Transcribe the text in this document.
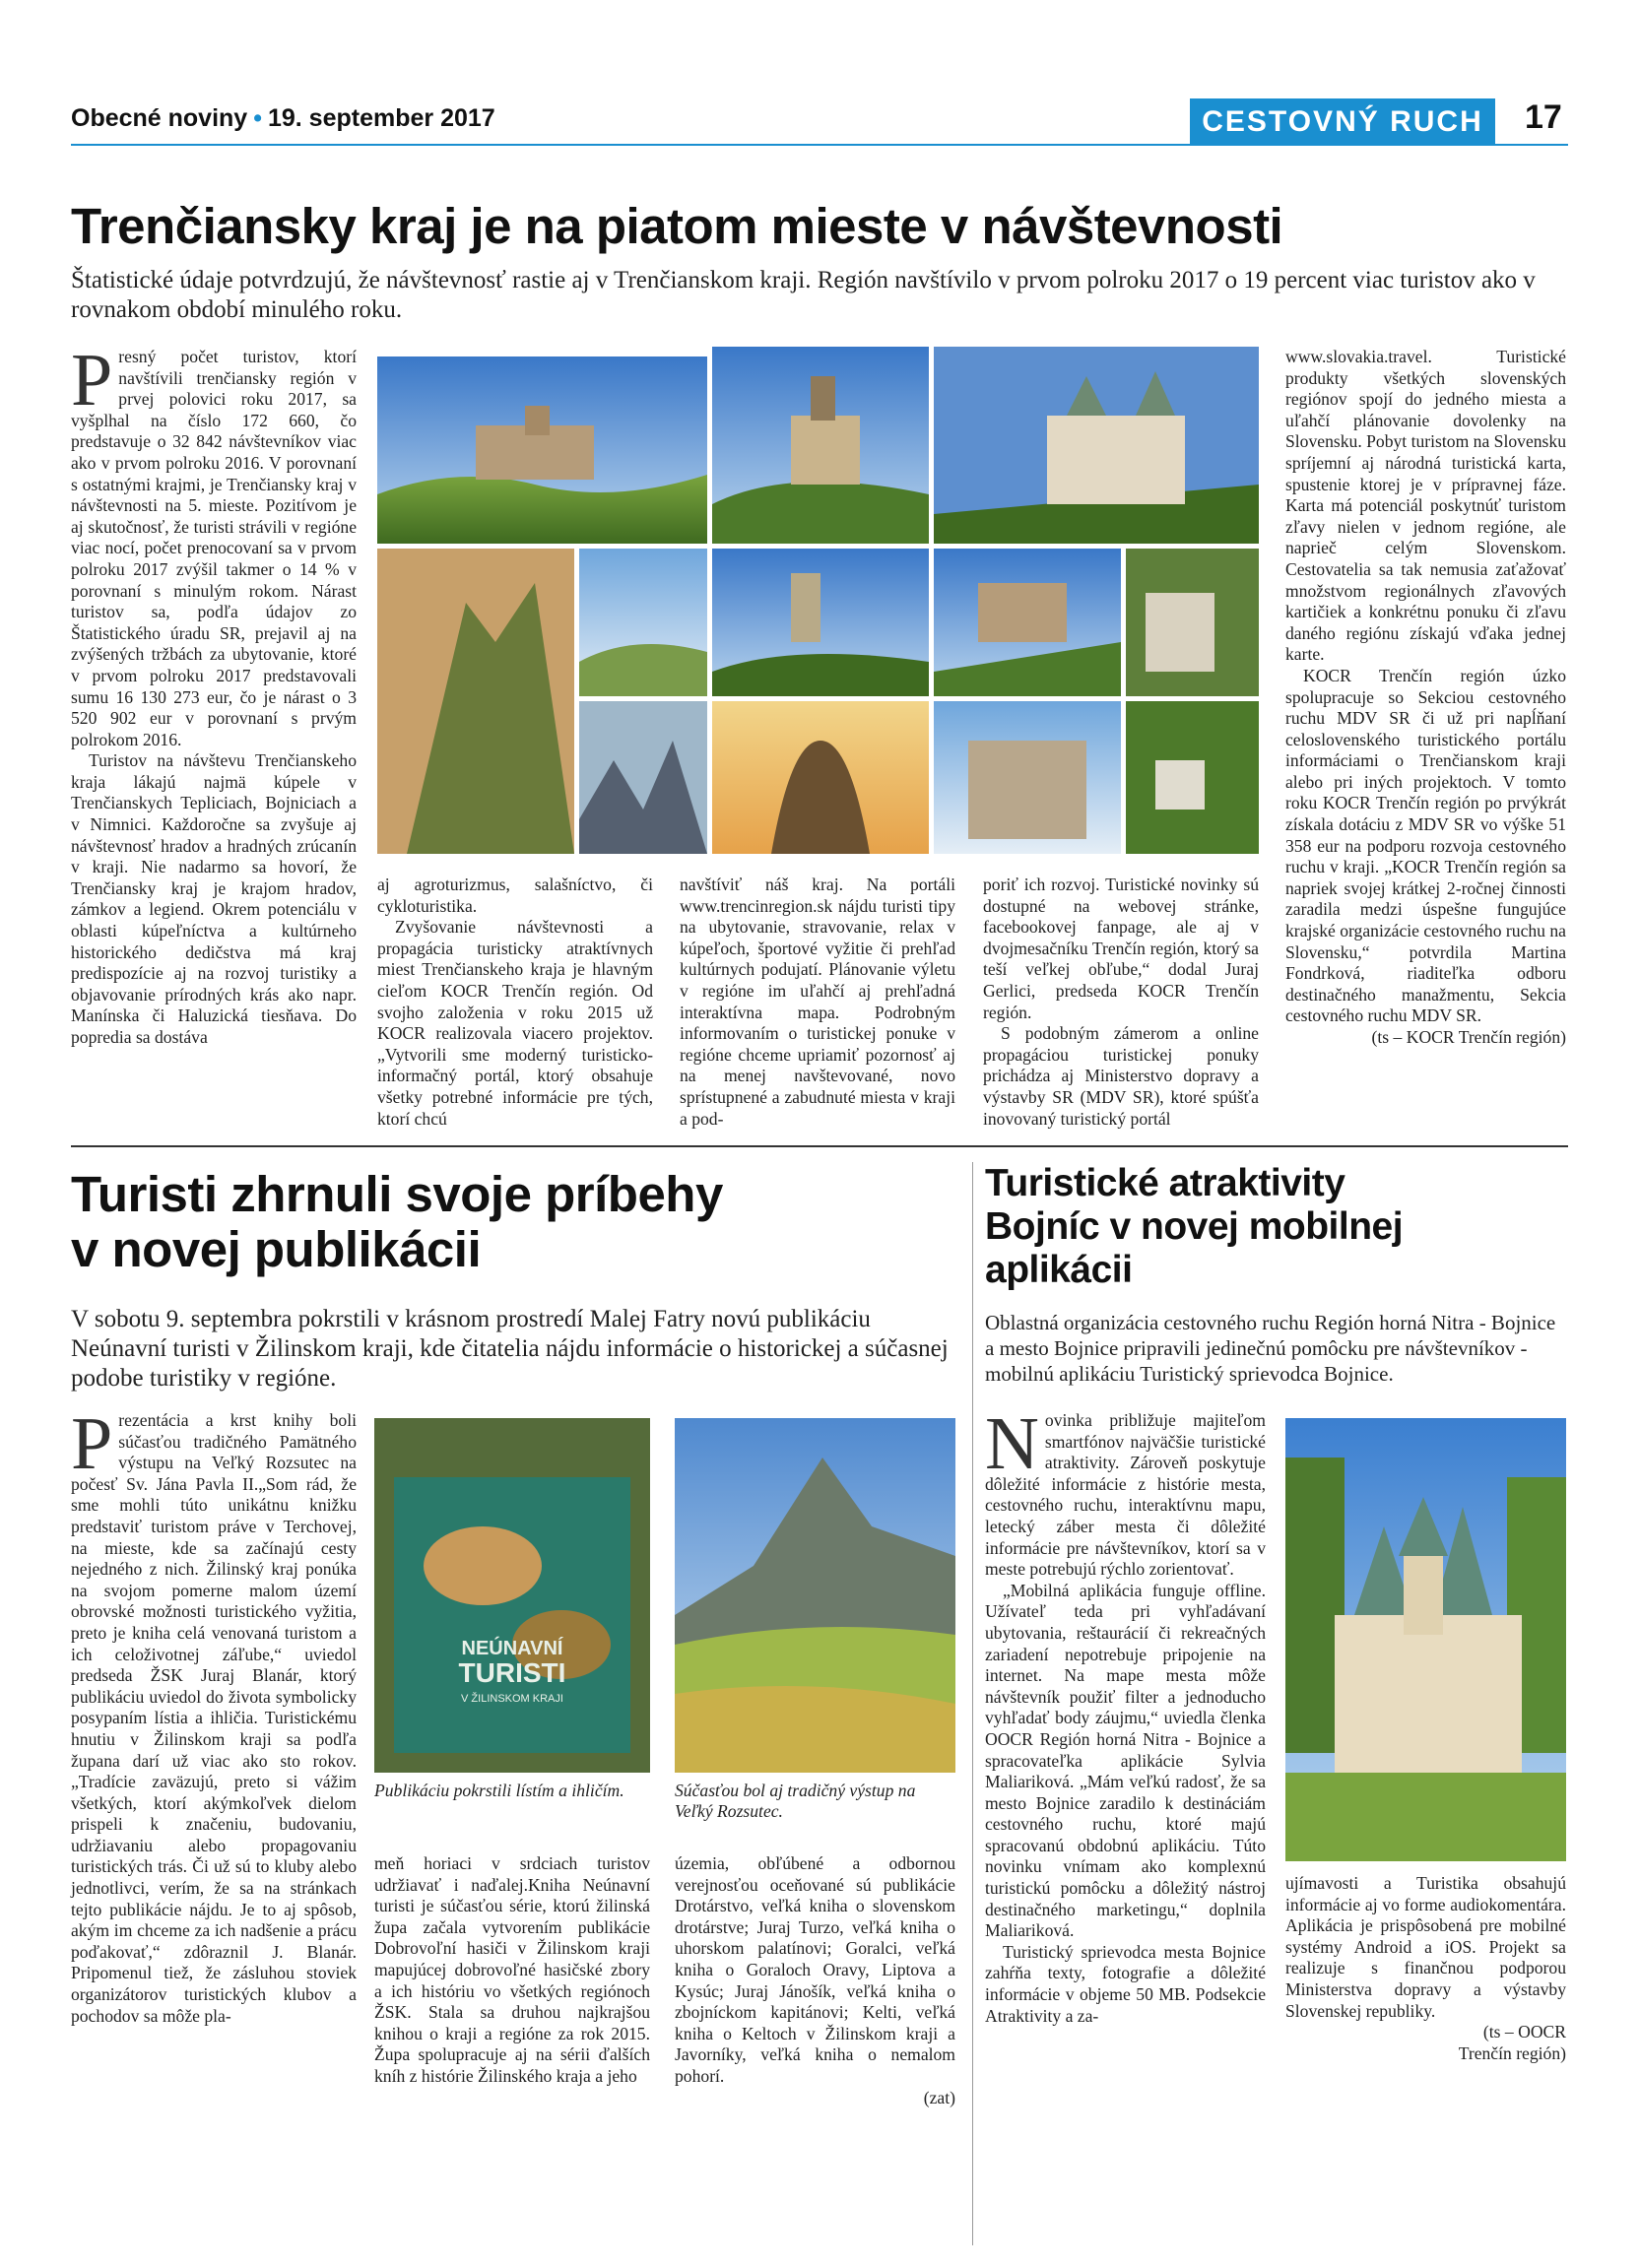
Obecné noviny • 19. september 2017	CESTOVNÝ RUCH	17
Trenčiansky kraj je na piatom mieste v návštevnosti
Štatistické údaje potvrdzujú, že návštevnosť rastie aj v Trenčianskom kraji. Región navštívilo v prvom polroku 2017 o 19 percent viac turistov ako v rovnakom období minulého roku.
P resný počet turistov, ktorí navštívili trenčiansky región v prvej polovici roku 2017, sa vyšplhal na číslo 172 660, čo predstavuje o 32 842 návštevníkov viac ako v prvom polroku 2016. V porovnaní s ostatnými krajmi, je Trenčiansky kraj v návštevnosti na 5. mieste. Pozitívom je aj skutočnosť, že turisti strávili v regióne viac nocí, počet prenocovaní sa v prvom polroku 2017 zvýšil takmer o 14 % v porovnaní s minulým rokom. Nárast turistov sa, podľa údajov zo Štatistického úradu SR, prejavil aj na zvýšených tržbách za ubytovanie, ktoré v prvom polroku 2017 predstavovali sumu 16 130 273 eur, čo je nárast o 3 520 902 eur v porovnaní s prvým polrokom 2016.

Turistov na návštevu Trenčianskeho kraja lákajú najmä kúpele v Trenčianskych Tepliciach, Bojniciach a v Nimnici. Každoročne sa zvyšuje aj návštevnosť hradov a hradných zrúcanín v kraji. Nie nadarmo sa hovorí, že Trenčiansky kraj je krajom hradov, zámkov a legiend. Okrem potenciálu v oblasti kúpeľníctva a kultúrneho historického dedičstva má kraj predispozície aj na rozvoj turistiky a objavovanie prírodných krás ako napr. Manínska či Haluzická tiesňava. Do popredia sa dostáva

aj agroturizmus, salašníctvo, či cykloturistika.

Zvyšovanie návštevnosti a propagácia turisticky atraktívnych miest Trenčianskeho kraja je hlavným cieľom KOCR Trenčín región. Od svojho založenia v roku 2015 už KOCR realizovala viacero projektov. „Vytvorili sme moderný turisticko-informačný portál, ktorý obsahuje všetky potrebné informácie pre tých, ktorí chcú

navštíviť náš kraj. Na portáli www.trencinregion.sk nájdu turisti tipy na ubytovanie, stravovanie, relax v kúpeľoch, športové vyžitie či prehľad kultúrnych podujatí. Plánovanie výletu v regióne im uľahčí aj prehľadná interaktívna mapa. Podrobným informovaním o turistickej ponuke v regióne chceme upriamiť pozornosť aj na menej navštevované, novo sprístupnené a zabudnuté miesta v kraji a pod-

poriť ich rozvoj. Turistické novinky sú dostupné na webovej stránke, facebookovej fanpage, ale aj v dvojmesačníku Trenčín región, ktorý sa teší veľkej obľube,“ dodal Juraj Gerlici, predseda KOCR Trenčín región.

S podobným zámerom a online propagáciou turistickej ponuky prichádza aj Ministerstvo dopravy a výstavby SR (MDV SR), ktoré spúšťa inovovaný turistický portál

www.slovakia.travel. Turistické produkty všetkých slovenských regiónov spojí do jedného miesta a uľahčí plánovanie dovolenky na Slovensku. Pobyt turistom na Slovensku spríjemní aj národná turistická karta, spustenie ktorej je v prípravnej fáze. Karta má potenciál poskytnúť turistom zľavy nielen v jednom regióne, ale naprieč celým Slovenskom. Cestovatelia sa tak nemusia zaťažovať množstvom regionálnych zľavových kartičiek a konkrétnu ponuku či zľavu daného regiónu získajú vďaka jednej karte.

KOCR Trenčín región úzko spolupracuje so Sekciou cestovného ruchu MDV SR či už pri napĺňaní celoslovenského turistického portálu informáciami o Trenčianskom kraji alebo pri iných projektoch. V tomto roku KOCR Trenčín región po prvýkrát získala dotáciu z MDV SR vo výške 51 358 eur na podporu rozvoja cestovného ruchu v kraji. „KOCR Trenčín región sa napriek svojej krátkej 2-ročnej činnosti zaradila medzi úspešne fungujúce krajské organizácie cestovného ruchu na Slovensku,“ potvrdila Martina Fondrková, riaditeľka odboru destinačného manažmentu, Sekcia cestovného ruchu MDV SR.

(ts – KOCR Trenčín región)

Turisti zhrnuli svoje príbehy
v novej publikácii
V sobotu 9. septembra pokrstili v krásnom prostredí Malej Fatry novú publikáciu Neúnavní turisti v Žilinskom kraji, kde čitatelia nájdu informácie o historickej a súčasnej podobe turistiky v regióne.
P rezentácia a krst knihy boli súčasťou tradičného Pamätného výstupu na Veľký Rozsutec na počesť Sv. Jána Pavla II.„Som rád, že sme mohli túto unikátnu knižku predstaviť turistom práve v Terchovej, na mieste, kde sa začínajú cesty nejedného z nich. Žilinský kraj ponúka na svojom pomerne malom území obrovské možnosti turistického vyžitia, preto je kniha celá venovaná turistom a ich celoživotnej záľube,“ uviedol predseda ŽSK Juraj Blanár, ktorý publikáciu uviedol do života symbolicky posypaním lístia a ihličia. Turistickému hnutiu v Žilinskom kraji sa podľa župana darí už viac ako sto rokov. „Tradície zaväzujú, preto si vážim všetkých, ktorí akýmkoľvek dielom prispeli k značeniu, budovaniu, udržiavaniu alebo propagovaniu turistických trás. Či už sú to kluby alebo jednotlivci, verím, že sa na stránkach tejto publikácie nájdu. Je to aj spôsob, akým im chceme za ich nadšenie a prácu poďakovať,“ zdôraznil J. Blanár. Pripomenul tiež, že zásluhou stoviek organizátorov turistických klubov a pochodov sa môže pla-

NEÚNAVNÍ
TURISTI
V ŽILINSKOM KRAJI
Publikáciu pokrstili lístím a ihličím.	Súčasťou bol aj tradičný výstup na Veľký Rozsutec.

meň horiaci v srdciach turistov udržiavať i naďalej.Kniha Neúnavní turisti je súčasťou série, ktorú žilinská župa začala vytvorením publikácie Dobrovoľní hasiči v Žilinskom kraji mapujúcej dobrovoľné hasičské zbory a ich históriu vo všetkých regiónoch ŽSK. Stala sa druhou najkrajšou knihou o kraji a regióne za rok 2015. Župa spolupracuje aj na sérii ďalších kníh z histórie Žilinského kraja a jeho

územia, obľúbené a odbornou verejnosťou oceňované sú publikácie Drotárstvo, veľká kniha o slovenskom drotárstve; Juraj Turzo, veľká kniha o uhorskom palatínovi; Goralci, veľká kniha o Goraloch Oravy, Liptova a Kysúc; Juraj Jánošík, veľká kniha o zbojníckom kapitánovi; Kelti, veľká kniha o Keltoch v Žilinskom kraji a Javorníky, veľká kniha o nemalom pohorí.

(zat)

Turistické atraktivity
Bojníc v novej mobilnej
aplikácii
Oblastná organizácia cestovného ruchu Región horná Nitra - Bojnice a mesto Bojnice pripravili jedinečnú pomôcku pre návštevníkov - mobilnú aplikáciu Turistický sprievodca Bojnice.
N ovinka približuje majiteľom smartfónov najväčšie turistické atraktivity. Zároveň poskytuje dôležité informácie z histórie mesta, cestovného ruchu, interaktívnu mapu, letecký záber mesta či dôležité informácie pre návštevníkov, ktorí sa v meste potrebujú rýchlo zorientovať.

„Mobilná aplikácia funguje offline. Užívateľ teda pri vyhľadávaní ubytovania, reštaurácií či rekreačných zariadení nepotrebuje pripojenie na internet. Na mape mesta môže návštevník použiť filter a jednoducho vyhľadať body záujmu,“ uviedla členka OOCR Región horná Nitra - Bojnice a spracovateľka aplikácie Sylvia Maliariková. „Mám veľkú radosť, že sa mesto Bojnice zaradilo k destináciám cestovného ruchu, ktoré majú spracovanú obdobnú aplikáciu. Túto novinku vnímam ako komplexnú turistickú pomôcku a dôležitý nástroj destinačného marketingu,“ doplnila Maliariková.

Turistický sprievodca mesta Bojnice zahŕňa texty, fotografie a dôležité informácie v objeme 50 MB. Podsekcie Atraktivity a za-

ujímavosti a Turistika obsahujú informácie aj vo forme audiokomentára. Aplikácia je prispôsobená pre mobilné systémy Android a iOS. Projekt sa realizuje s finančnou podporou Ministerstva dopravy a výstavby Slovenskej republiky.

(ts – OOCR

Trenčín región)
